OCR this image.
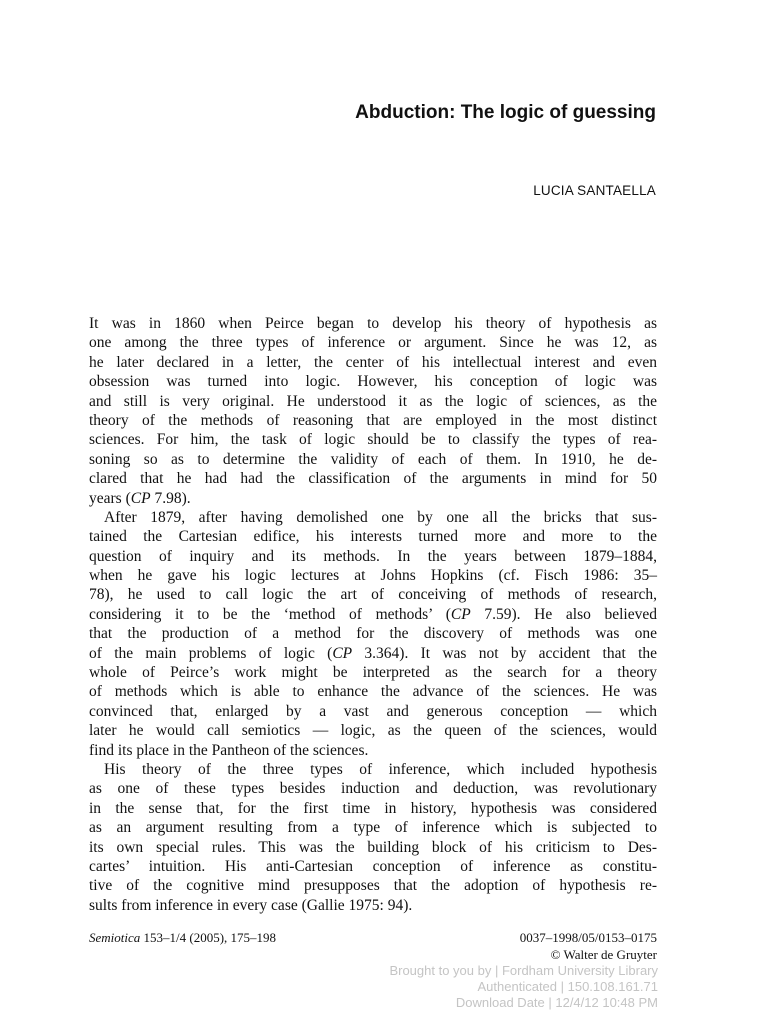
Abduction: The logic of guessing
LUCIA SANTAELLA
It was in 1860 when Peirce began to develop his theory of hypothesis as
one among the three types of inference or argument. Since he was 12, as
he later declared in a letter, the center of his intellectual interest and even
obsession was turned into logic. However, his conception of logic was
and still is very original. He understood it as the logic of sciences, as the
theory of the methods of reasoning that are employed in the most distinct
sciences. For him, the task of logic should be to classify the types of rea-
soning so as to determine the validity of each of them. In 1910, he de-
clared that he had had the classification of the arguments in mind for 50
years (CP 7.98).
After 1879, after having demolished one by one all the bricks that sus-
tained the Cartesian edifice, his interests turned more and more to the
question of inquiry and its methods. In the years between 1879–1884,
when he gave his logic lectures at Johns Hopkins (cf. Fisch 1986: 35–
78), he used to call logic the art of conceiving of methods of research,
considering it to be the ‘method of methods’ (CP 7.59). He also believed
that the production of a method for the discovery of methods was one
of the main problems of logic (CP 3.364). It was not by accident that the
whole of Peirce’s work might be interpreted as the search for a theory
of methods which is able to enhance the advance of the sciences. He was
convinced that, enlarged by a vast and generous conception — which
later he would call semiotics — logic, as the queen of the sciences, would
find its place in the Pantheon of the sciences.
His theory of the three types of inference, which included hypothesis
as one of these types besides induction and deduction, was revolutionary
in the sense that, for the first time in history, hypothesis was considered
as an argument resulting from a type of inference which is subjected to
its own special rules. This was the building block of his criticism to Des-
cartes’ intuition. His anti-Cartesian conception of inference as constitu-
tive of the cognitive mind presupposes that the adoption of hypothesis re-
sults from inference in every case (Gallie 1975: 94).
Semiotica 153–1/4 (2005), 175–198	0037–1998/05/0153–0175
© Walter de Gruyter
Brought to you by | Fordham University Library
Authenticated | 150.108.161.71
Download Date | 12/4/12 10:48 PM
